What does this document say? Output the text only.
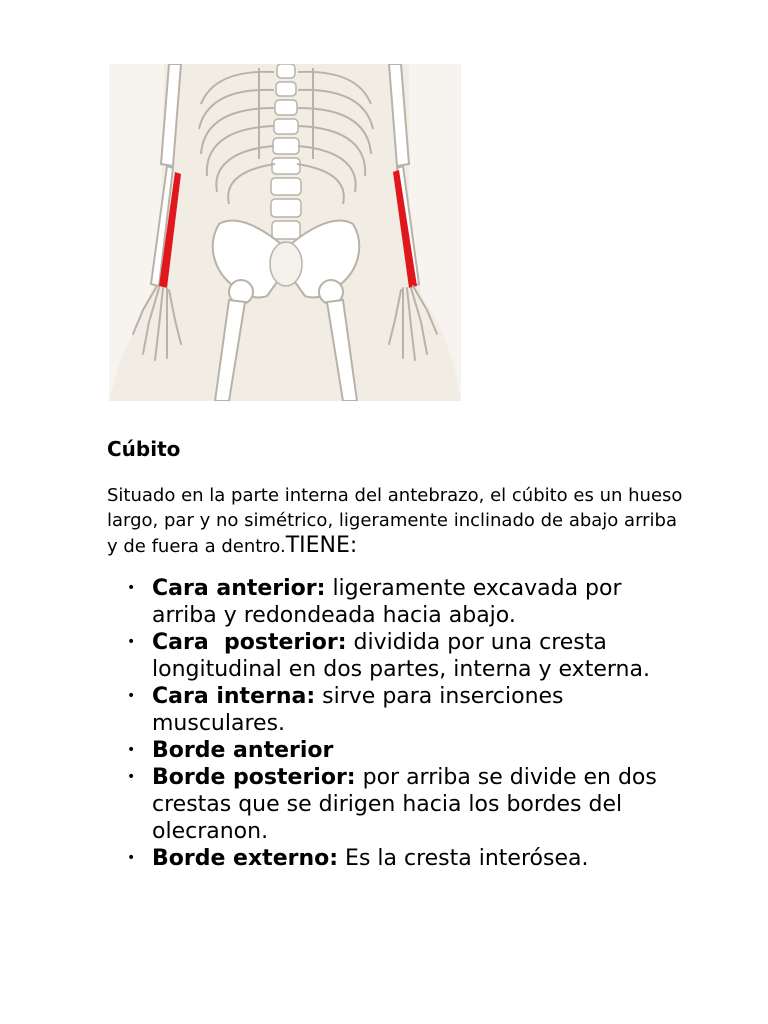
Cúbito

Situado en la parte interna del antebrazo, el cúbito es un hueso largo, par y no simétrico, ligeramente inclinado de abajo arriba y de fuera a dentro.TIENE:

• Cara anterior: ligeramente excavada por arriba y redondeada hacia abajo.
• Cara  posterior: dividida por una cresta longitudinal en dos partes, interna y externa.
• Cara interna: sirve para inserciones musculares.
• Borde anterior
• Borde posterior: por arriba se divide en dos crestas que se dirigen hacia los bordes del olecranon.
• Borde externo: Es la cresta interósea.
